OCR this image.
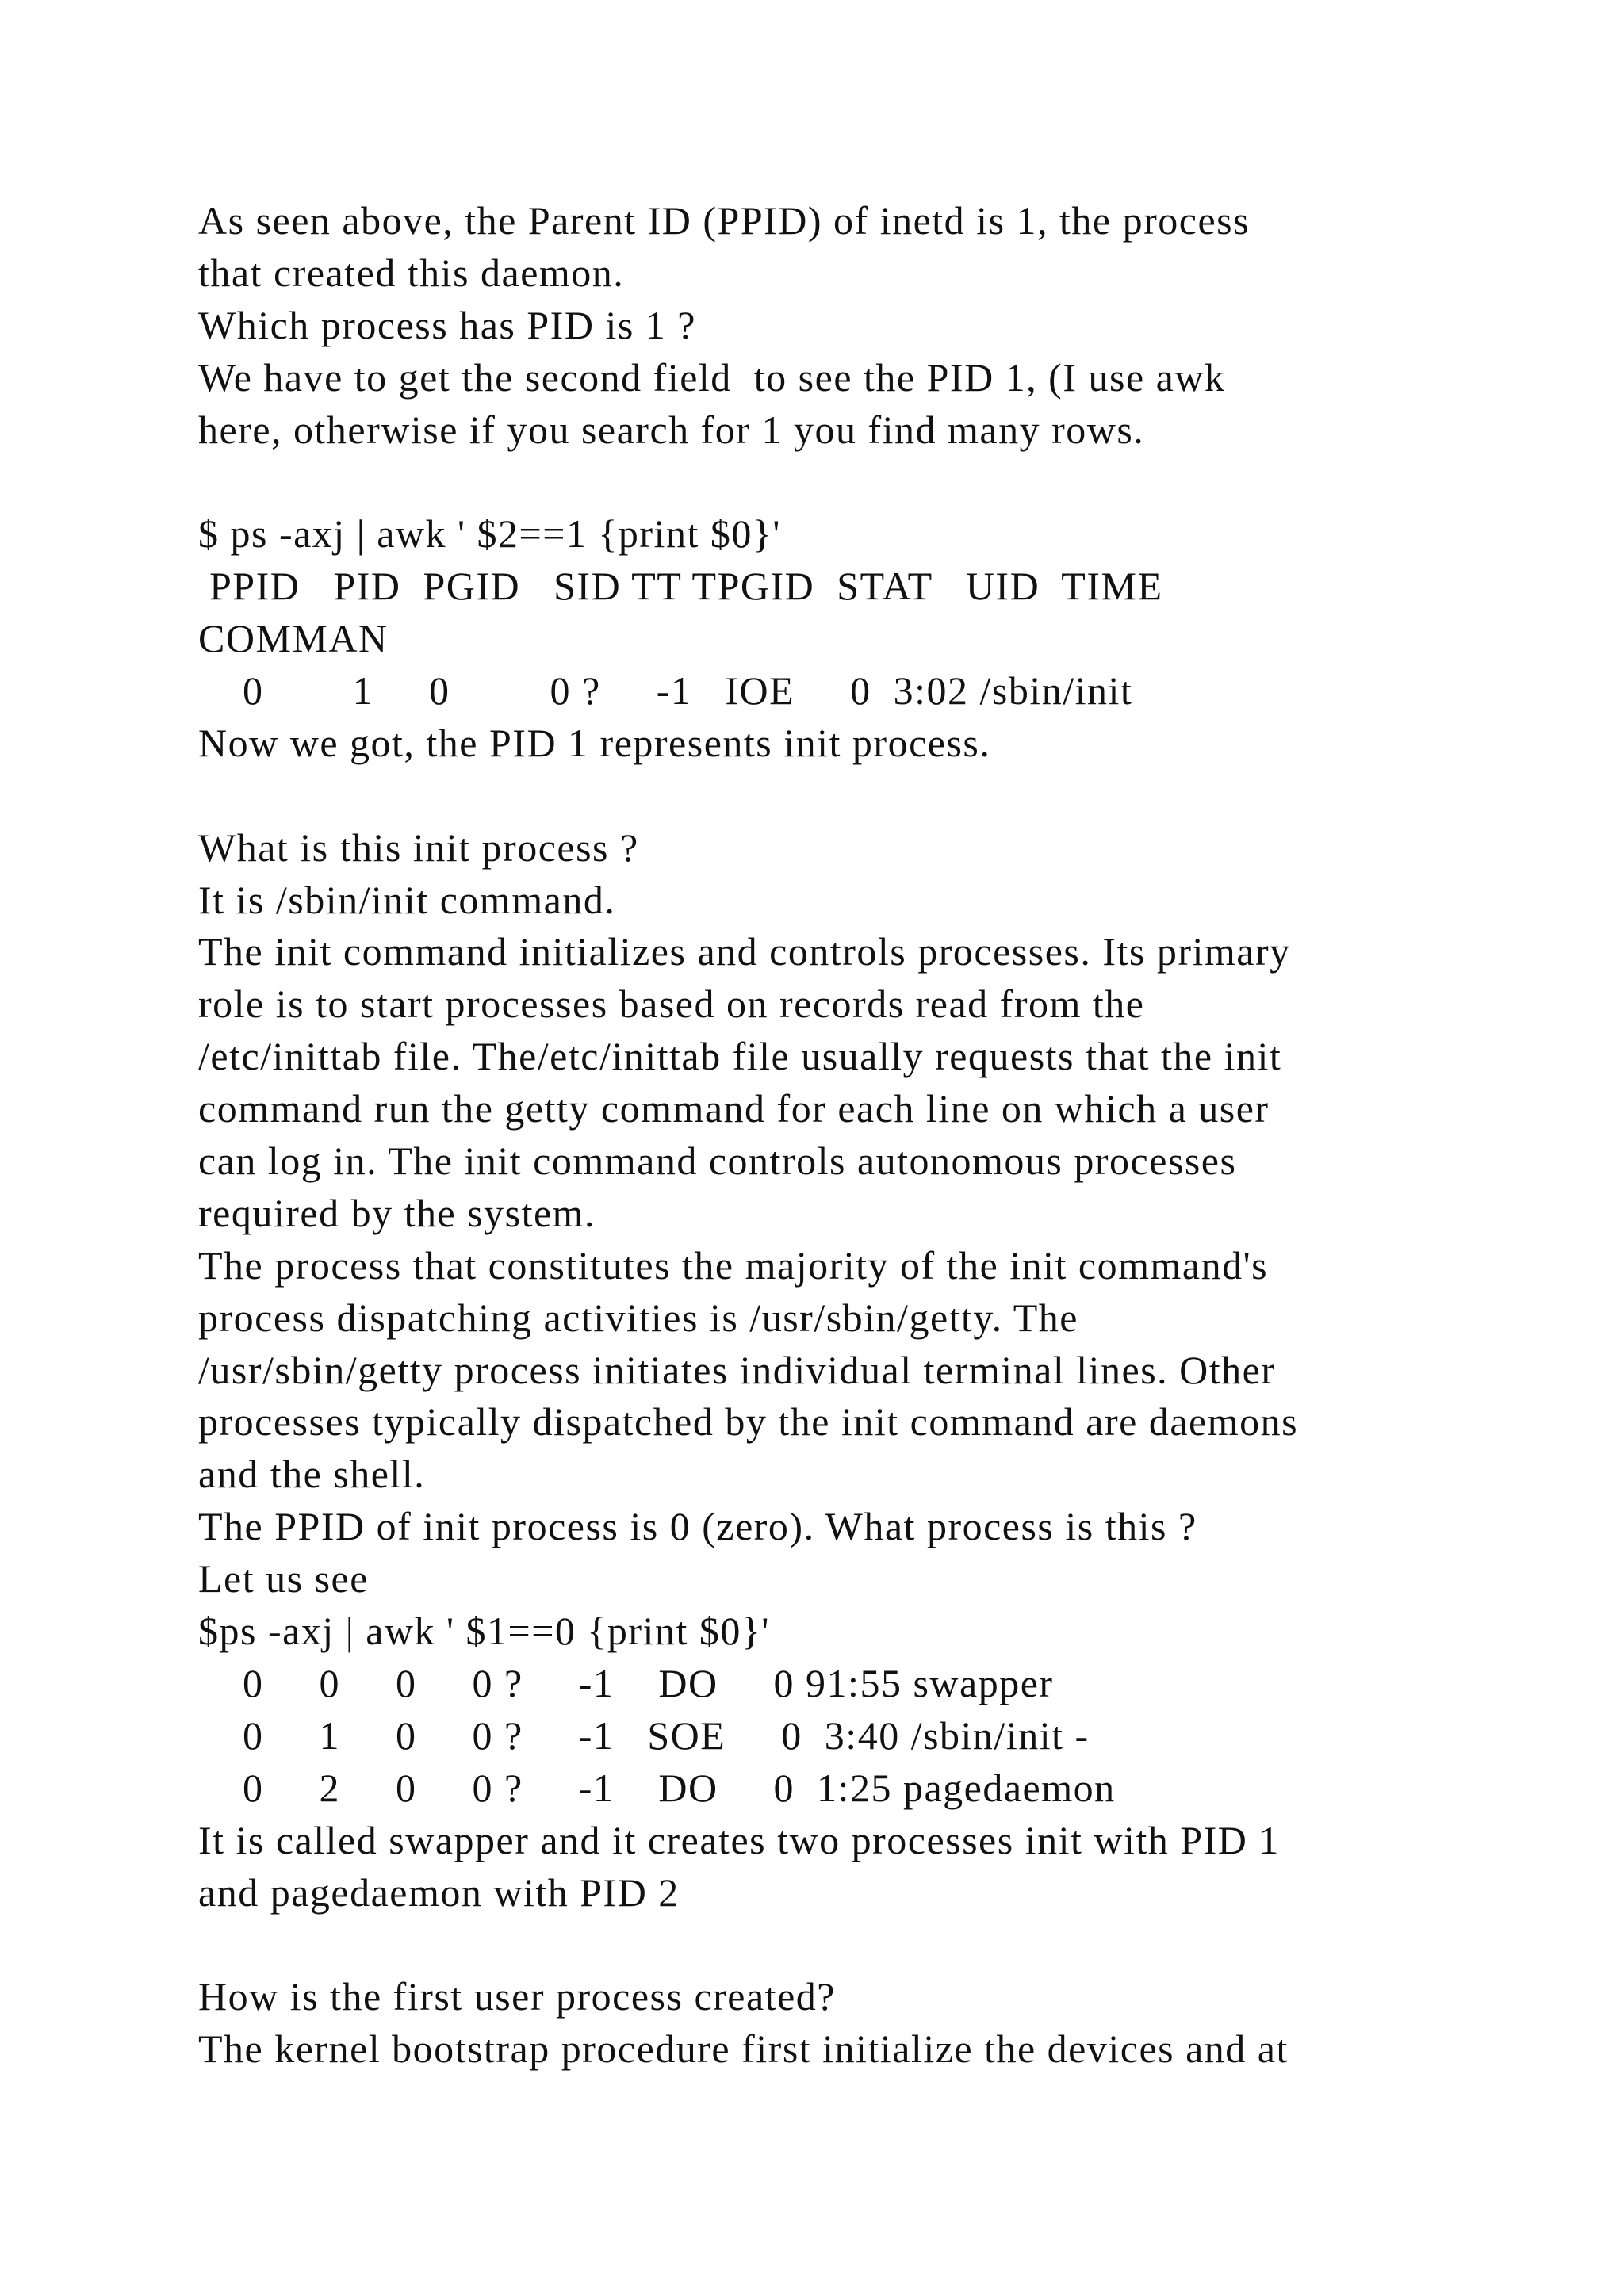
As seen above, the Parent ID (PPID) of inetd is 1, the process
that created this daemon.
Which process has PID is 1 ?
We have to get the second field  to see the PID 1, (I use awk
here, otherwise if you search for 1 you find many rows.
$ ps -axj | awk ' $2==1 {print $0}'
PPID   PID  PGID   SID TT TPGID  STAT   UID  TIME
COMMAN
0        1     0         0 ?     -1   IOE     0  3:02 /sbin/init
Now we got, the PID 1 represents init process.
What is this init process ?
It is /sbin/init command.
The init command initializes and controls processes. Its primary
role is to start processes based on records read from the
/etc/inittab file. The/etc/inittab file usually requests that the init
command run the getty command for each line on which a user
can log in. The init command controls autonomous processes
required by the system.
The process that constitutes the majority of the init command's
process dispatching activities is /usr/sbin/getty. The
/usr/sbin/getty process initiates individual terminal lines. Other
processes typically dispatched by the init command are daemons
and the shell.
The PPID of init process is 0 (zero). What process is this ?
Let us see
$ps -axj | awk ' $1==0 {print $0}'
0     0     0     0 ?     -1    DO     0 91:55 swapper
0     1     0     0 ?     -1   SOE     0  3:40 /sbin/init -
0     2     0     0 ?     -1    DO     0  1:25 pagedaemon
It is called swapper and it creates two processes init with PID 1
and pagedaemon with PID 2
How is the first user process created?
The kernel bootstrap procedure first initialize the devices and at
